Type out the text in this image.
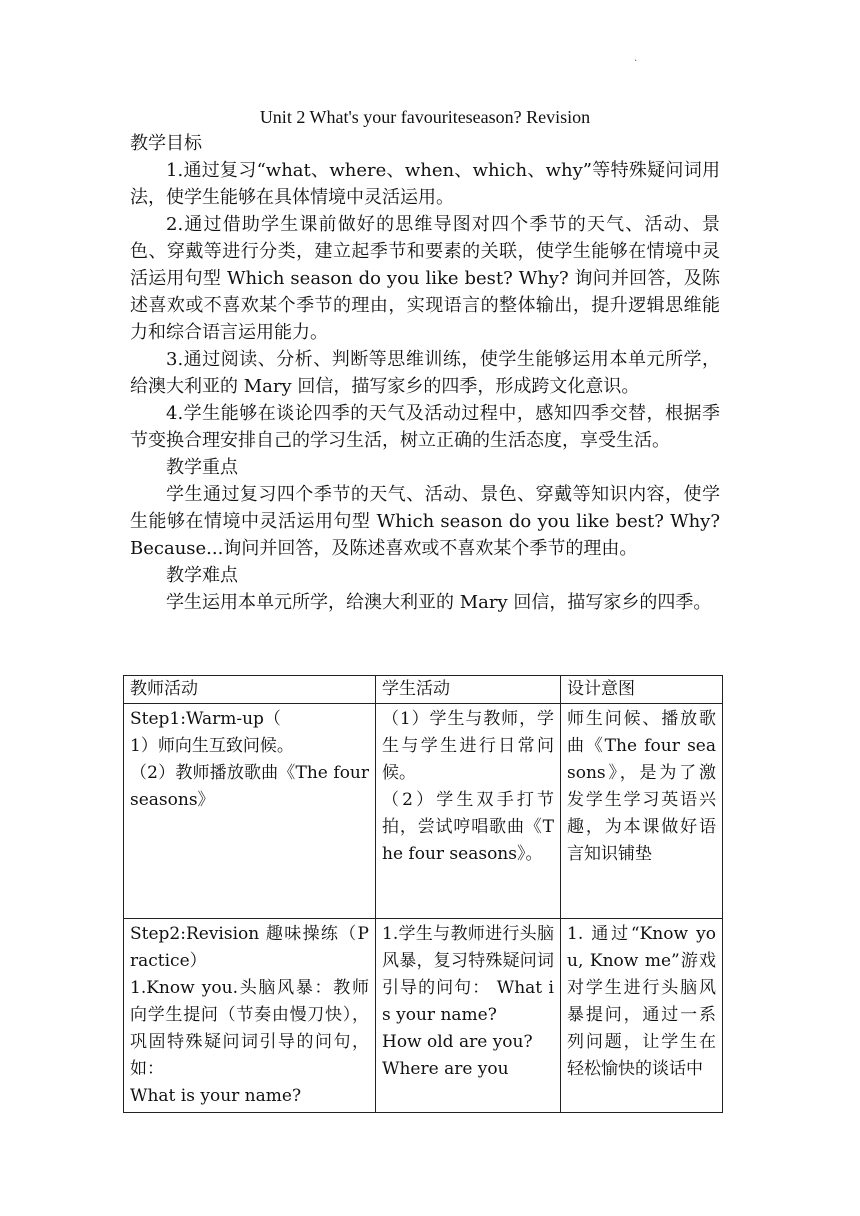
·

Unit 2 What's your favouriteseason? Revision

教学目标

1.通过复习“what、where、when、which、why”等特殊疑问词用法，使学生能够在具体情境中灵活运用。

2.通过借助学生课前做好的思维导图对四个季节的天气、活动、景色、穿戴等进行分类，建立起季节和要素的关联，使学生能够在情境中灵活运用句型 Which season do you like best? Why? 询问并回答，及陈述喜欢或不喜欢某个季节的理由，实现语言的整体输出，提升逻辑思维能力和综合语言运用能力。

3.通过阅读、分析、判断等思维训练，使学生能够运用本单元所学，给澳大利亚的 Mary 回信，描写家乡的四季，形成跨文化意识。

4.学生能够在谈论四季的天气及活动过程中，感知四季交替，根据季节变换合理安排自己的学习生活，树立正确的生活态度，享受生活。

教学重点

学生通过复习四个季节的天气、活动、景色、穿戴等知识内容，使学生能够在情境中灵活运用句型 Which season do you like best? Why? Because...询问并回答，及陈述喜欢或不喜欢某个季节的理由。

教学难点

学生运用本单元所学，给澳大利亚的 Mary 回信，描写家乡的四季。

教师活动	学生活动	设计意图

Step1:Warm-up（
1）师向生互致问候。
（2）教师播放歌曲《The four seasons》	（1）学生与教师，学生与学生进行日常问候。
（2）学生双手打节拍，尝试哼唱歌曲《The four seasons》。	师生问候、播放歌曲《The four seasons》，是为了激发学生学习英语兴趣，为本课做好语言知识铺垫

Step2:Revision 趣味操练（Practice）
1.Know you.头脑风暴：教师向学生提问（节奏由慢刀快），巩固特殊疑问词引导的问句，如：
What is your name?	1.学生与教师进行头脑风暴，复习特殊疑问词引导的问句： What is your name?
How old are you?
Where are you	1. 通过“Know you, Know me”游戏对学生进行头脑风暴提问，通过一系列问题，让学生在轻松愉快的谈话中
